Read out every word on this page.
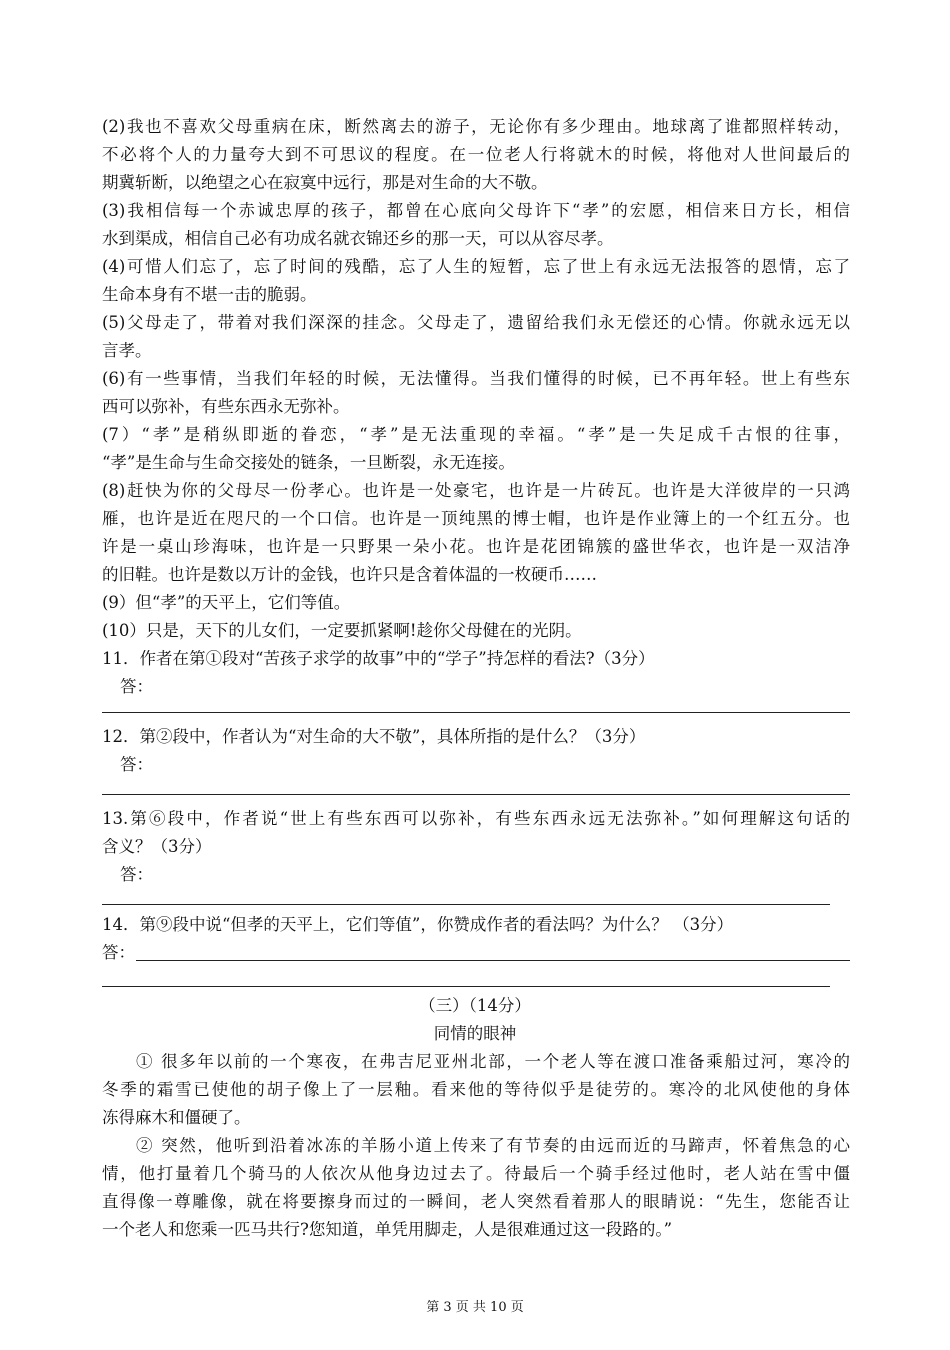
(2)我也不喜欢父母重病在床，断然离去的游子，无论你有多少理由。地球离了谁都照样转动，
不必将个人的力量夸大到不可思议的程度。在一位老人行将就木的时候，将他对人世间最后的
期冀斩断，以绝望之心在寂寞中远行，那是对生命的大不敬。
(3)我相信每一个赤诚忠厚的孩子，都曾在心底向父母许下“孝”的宏愿，相信来日方长，相信
水到渠成，相信自己必有功成名就衣锦还乡的那一天，可以从容尽孝。
(4)可惜人们忘了，忘了时间的残酷，忘了人生的短暂，忘了世上有永远无法报答的恩情，忘了
生命本身有不堪一击的脆弱。
(5)父母走了，带着对我们深深的挂念。父母走了，遗留给我们永无偿还的心情。你就永远无以
言孝。
(6)有一些事情，当我们年轻的时候，无法懂得。当我们懂得的时候，已不再年轻。世上有些东
西可以弥补，有些东西永无弥补。
(7）“孝”是稍纵即逝的眷恋，“孝”是无法重现的幸福。“孝”是一失足成千古恨的往事，
“孝”是生命与生命交接处的链条，一旦断裂，永无连接。
(8)赶快为你的父母尽一份孝心。也许是一处豪宅，也许是一片砖瓦。也许是大洋彼岸的一只鸿
雁，也许是近在咫尺的一个口信。也许是一顶纯黑的博士帽，也许是作业簿上的一个红五分。也
许是一桌山珍海味，也许是一只野果一朵小花。也许是花团锦簇的盛世华衣，也许是一双洁净
的旧鞋。也许是数以万计的金钱，也许只是含着体温的一枚硬币……
(9）但“孝”的天平上，它们等值。
(10）只是，天下的儿女们，一定要抓紧啊!趁你父母健在的光阴。
11．作者在第①段对“苦孩子求学的故事”中的“学子”持怎样的看法?（3分）
答：
12．第②段中，作者认为“对生命的大不敬”，具体所指的是什么？（3分）
答：
13.第⑥段中，作者说“世上有些东西可以弥补，有些东西永远无法弥补。”如何理解这句话的
含义？（3分）
答：
14．第⑨段中说“但孝的天平上，它们等值”，你赞成作者的看法吗？为什么？ （3分）
答：
（三）（14分）
同情的眼神
① 很多年以前的一个寒夜，在弗吉尼亚州北部，一个老人等在渡口准备乘船过河，寒冷的
冬季的霜雪已使他的胡子像上了一层釉。看来他的等待似乎是徒劳的。寒冷的北风使他的身体
冻得麻木和僵硬了。
② 突然，他听到沿着冰冻的羊肠小道上传来了有节奏的由远而近的马蹄声，怀着焦急的心
情，他打量着几个骑马的人依次从他身边过去了。待最后一个骑手经过他时，老人站在雪中僵
直得像一尊雕像，就在将要擦身而过的一瞬间，老人突然看着那人的眼睛说：“先生，您能否让
一个老人和您乘一匹马共行?您知道，单凭用脚走，人是很难通过这一段路的。”
第 3 页 共 10 页
